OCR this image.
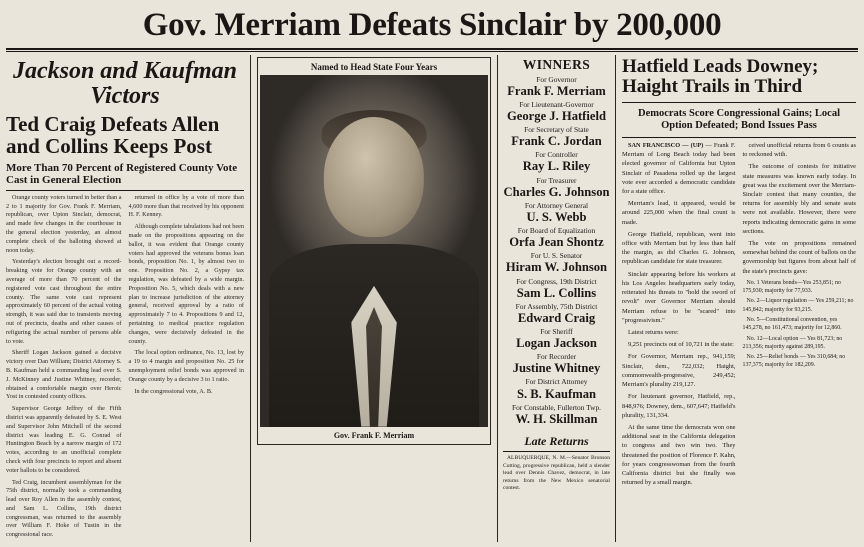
Gov. Merriam Defeats Sinclair by 200,000
Jackson and Kaufman Victors
Ted Craig Defeats Allen and Collins Keeps Post
More Than 70 Percent of Registered County Vote Cast in General Election

Orange county voters turned in better than a 2 to 1 majority for Gov. Frank F. Merriam, republican, over Upton Sinclair, democrat, and made few changes in the courthouse in the general election yesterday, an almost complete check of the balloting showed at noon today.

Yesterday's election brought out a record-breaking vote for Orange county with an average of more than 70 percent of the registered vote cast throughout the entire county. The same vote cast represent approximately 60 percent of the actual voting strength, it was said due to transients moving out of precincts, deaths and other causes of refiguring the actual number of persons able to vote.

Sheriff Logan Jackson gained a decisive victory over Dan William; District Attorney S. B. Kaufman held a commanding lead over S. J. McKinney and Justine Whitney, recorder, obtained a comfortable margin over Heroic Yost in contested county offices.

Supervisor George Jeffrey of the Fifth district was apparently defeated by S. E. West and Supervisor John Mitchell of the second district was leading E. G. Conrad of Huntington Beach by a narrow margin of 172 votes, according to an unofficial complete check with four precincts to report and absent voter ballots to be considered.

Ted Craig, incumbent assemblyman for the 75th district, normally took a commanding lead over Roy Allen in the assembly contest, and Sam L. Collins, 19th district congressman, was returned to the assembly over William F. Hoke of Tustin in the congressional race.

returned in office by a vote of more than 4,600 more than that received by his opponent H. F. Kenney.

Although complete tabulations had not been made on the propositions appearing on the ballot, it was evident that Orange county voters had approved the veterans bonus loan bonds, proposition No. 1, by almost two to one. Proposition No. 2, a Gypsy tax regulation, was defeated by a wide margin. Proposition No. 5, which deals with a new plan to increase jurisdiction of the attorney general, received approval by a ratio of approximately 7 to 4. Propositions 9 and 12, pertaining to medical practice regulation changes, were decisively defeated in the county.

The local option ordinance, No. 13, lost by a 19 to 4 margin and proposition No. 25 for unemployment relief bonds was approved in Orange county by a decisive 3 to 1 ratio.

In the congressional vote, A. B.

Named to Head State Four Years
Gov. Frank F. Merriam
WINNERS
For Governor
Frank F. Merriam
For Lieutenant-Governor
George J. Hatfield
For Secretary of State
Frank C. Jordan
For Controller
Ray L. Riley
For Treasurer
Charles G. Johnson
For Attorney General
U. S. Webb
For Board of Equalization
Orfa Jean Shontz
For U. S. Senator
Hiram W. Johnson
For Congress, 19th District
Sam L. Collins
For Assembly, 75th District
Edward Craig
For Sheriff
Logan Jackson
For Recorder
Justine Whitney
For District Attorney
S. B. Kaufman
For Constable, Fullerton Twp.
W. H. Skillman
Late Returns

ALBUQUERQUE, N. M.—Senator Bronson Cutting, progressive republican, held a slender lead over Dennis Chavez, democrat, in late returns from the New Mexico senatorial contest.

Hatfield Leads Downey; Haight Trails in Third
Democrats Score Congressional Gains; Local Option Defeated; Bond Issues Pass

SAN FRANCISCO — (UP) — Frank F. Merriam of Long Beach today had been elected governor of California but Upton Sinclair of Pasadena rolled up the largest vote ever accorded a democratic candidate for a state office.

Merriam's lead, it appeared, would be around 225,000 when the final count is made.

George Hatfield, republican, went into office with Merriam but by less than half the margin, as did Charles G. Johnson, republican candidate for state treasurer.

Sinclair appearing before his workers at his Los Angeles headquarters early today, reiterated his threats to "hold the sword of revolt" over Governor Merriam should Merriam refuse to be "scared" into "progressivism."

Latest returns were:

9,251 precincts out of 10,721 in the state:

For Governor, Merriam rep., 941,159; Sinclair, dem., 722,032; Haight, commonwealth-progressive, 249,452; Merriam's plurality 219,127.

For lieutenant governor, Hatfield, rep., 848,976; Downey, dem., 607,647; Hatfield's plurality, 131,334.

At the same time the democrats won one additional seat in the California delegation to congress and two win two. They threatened the position of Florence F. Kahn, for years congresswoman from the fourth California district but she finally was returned by a small margin.

ceived unofficial returns from 6 counts as to reckoned with.

The outcome of contests for initiative state measures was known early today. In great was the excitement over the Merriam-Sinclair contest that many counties, the returns for assembly bly and senate seats were not available. However, there were reports indicating democratic gains in some sections.

The vote on propositions remained somewhat behind the count of ballots on the governorship but figures from about half of the state's precincts gave:

No. 1 Veterans bonds—Yes 253,851; no 175,930; majority for 77,933.

No. 2—Liquor regulation — Yes 259,211; no 145,842; majority for 93,215.

No. 5—Constitutional convention, yes 145,278, no 161,473; majority for 12,860.

No. 12—Local option — Yes 81,723; no 213,356; majority against 289,195.

No. 25—Relief bonds — Yes 310,684; no 137,375; majority for 182,209.
